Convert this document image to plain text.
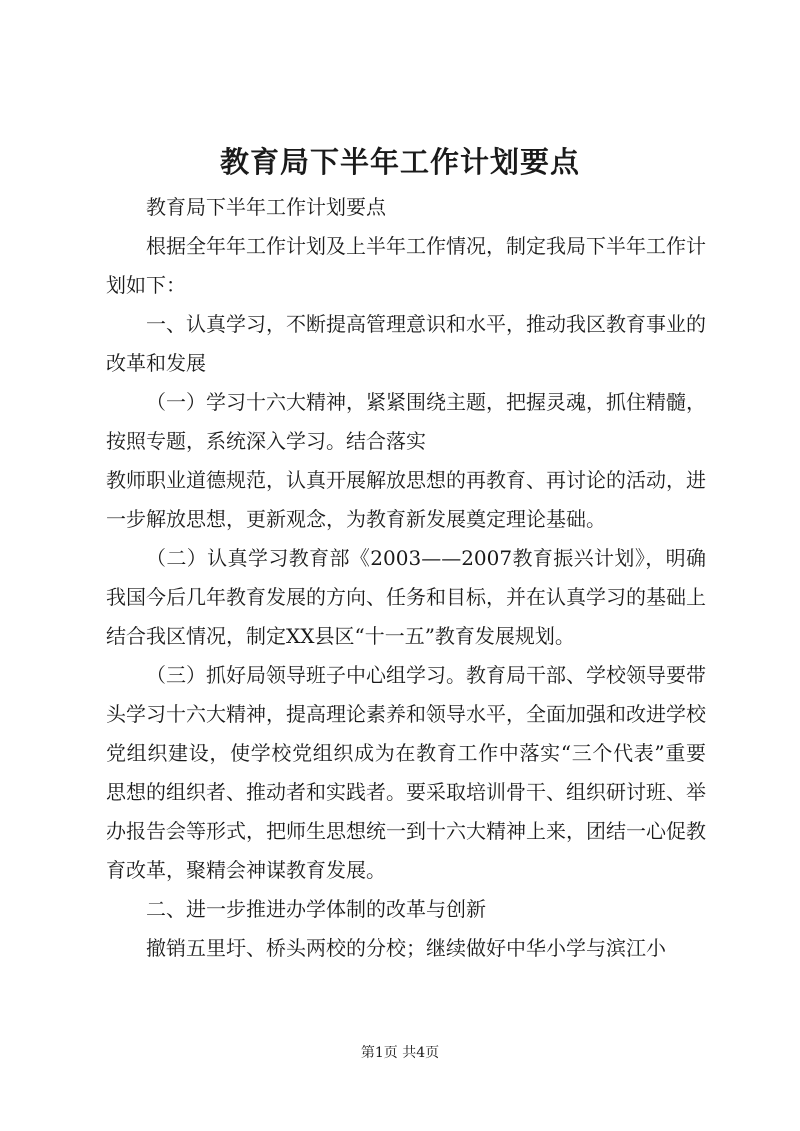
教育局下半年工作计划要点

教育局下半年工作计划要点

根据全年年工作计划及上半年工作情况，制定我局下半年工作计划如下：

一、认真学习，不断提高管理意识和水平，推动我区教育事业的改革和发展

（一）学习十六大精神，紧紧围绕主题，把握灵魂，抓住精髓，按照专题，系统深入学习。结合落实

教师职业道德规范，认真开展解放思想的再教育、再讨论的活动，进一步解放思想，更新观念，为教育新发展奠定理论基础。

（二）认真学习教育部《2003——2007教育振兴计划》，明确我国今后几年教育发展的方向、任务和目标，并在认真学习的基础上结合我区情况，制定XX县区“十一五”教育发展规划。

（三）抓好局领导班子中心组学习。教育局干部、学校领导要带头学习十六大精神，提高理论素养和领导水平，全面加强和改进学校党组织建设，使学校党组织成为在教育工作中落实“三个代表”重要思想的组织者、推动者和实践者。要采取培训骨干、组织研讨班、举办报告会等形式，把师生思想统一到十六大精神上来，团结一心促教育改革，聚精会神谋教育发展。

二、进一步推进办学体制的改革与创新

撤销五里圩、桥头两校的分校；继续做好中华小学与滨江小

第1页 共4页
